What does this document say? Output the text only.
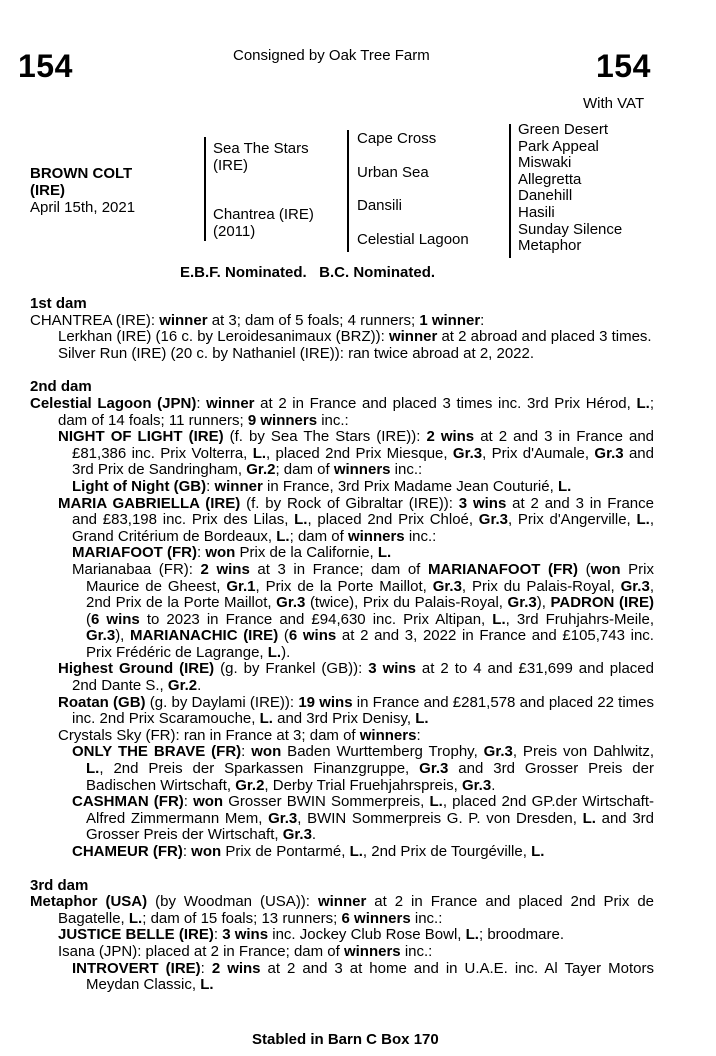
154	154
Consigned by Oak Tree Farm
With VAT
BROWN COLT
(IRE)
April 15th, 2021
Sea The Stars
(IRE)
Chantrea (IRE)
(2011)
Cape Cross
Urban Sea
Dansili
Celestial Lagoon
Green Desert
Park Appeal
Miswaki
Allegretta
Danehill
Hasili
Sunday Silence
Metaphor
E.B.F. Nominated.   B.C. Nominated.
1st dam

CHANTREA (IRE): winner at 3; dam of 5 foals; 4 runners; 1 winner:

Lerkhan (IRE) (16 c. by Leroidesanimaux (BRZ)): winner at 2 abroad and placed 3 times.

Silver Run (IRE) (20 c. by Nathaniel (IRE)): ran twice abroad at 2, 2022.

2nd dam

Celestial Lagoon (JPN): winner at 2 in France and placed 3 times inc. 3rd Prix Hérod, L.; dam of 14 foals; 11 runners; 9 winners inc.:

NIGHT OF LIGHT (IRE) (f. by Sea The Stars (IRE)): 2 wins at 2 and 3 in France and £81,386 inc. Prix Volterra, L., placed 2nd Prix Miesque, Gr.3, Prix d'Aumale, Gr.3 and 3rd Prix de Sandringham, Gr.2; dam of winners inc.:

Light of Night (GB): winner in France, 3rd Prix Madame Jean Couturié, L.

MARIA GABRIELLA (IRE) (f. by Rock of Gibraltar (IRE)): 3 wins at 2 and 3 in France and £83,198 inc. Prix des Lilas, L., placed 2nd Prix Chloé, Gr.3, Prix d'Angerville, L., Grand Critérium de Bordeaux, L.; dam of winners inc.:

MARIAFOOT (FR): won Prix de la Californie, L.

Marianabaa (FR): 2 wins at 3 in France; dam of MARIANAFOOT (FR) (won Prix Maurice de Gheest, Gr.1, Prix de la Porte Maillot, Gr.3, Prix du Palais-Royal, Gr.3, 2nd Prix de la Porte Maillot, Gr.3 (twice), Prix du Palais-Royal, Gr.3), PADRON (IRE) (6 wins to 2023 in France and £94,630 inc. Prix Altipan, L., 3rd Fruhjahrs-Meile, Gr.3), MARIANACHIC (IRE) (6 wins at 2 and 3, 2022 in France and £105,743 inc. Prix Frédéric de Lagrange, L.).

Highest Ground (IRE) (g. by Frankel (GB)): 3 wins at 2 to 4 and £31,699 and placed 2nd Dante S., Gr.2.

Roatan (GB) (g. by Daylami (IRE)): 19 wins in France and £281,578 and placed 22 times inc. 2nd Prix Scaramouche, L. and 3rd Prix Denisy, L.

Crystals Sky (FR): ran in France at 3; dam of winners:

ONLY THE BRAVE (FR): won Baden Wurttemberg Trophy, Gr.3, Preis von Dahlwitz, L., 2nd Preis der Sparkassen Finanzgruppe, Gr.3 and 3rd Grosser Preis der Badischen Wirtschaft, Gr.2, Derby Trial Fruehjahrspreis, Gr.3.

CASHMAN (FR): won Grosser BWIN Sommerpreis, L., placed 2nd GP.der Wirtschaft-Alfred Zimmermann Mem, Gr.3, BWIN Sommerpreis G. P. von Dresden, L. and 3rd Grosser Preis der Wirtschaft, Gr.3.

CHAMEUR (FR): won Prix de Pontarmé, L., 2nd Prix de Tourgéville, L.

3rd dam

Metaphor (USA) (by Woodman (USA)): winner at 2 in France and placed 2nd Prix de Bagatelle, L.; dam of 15 foals; 13 runners; 6 winners inc.:

JUSTICE BELLE (IRE): 3 wins inc. Jockey Club Rose Bowl, L.; broodmare.

Isana (JPN): placed at 2 in France; dam of winners inc.:

INTROVERT (IRE): 2 wins at 2 and 3 at home and in U.A.E. inc. Al Tayer Motors Meydan Classic, L.

Stabled in Barn C Box 170
